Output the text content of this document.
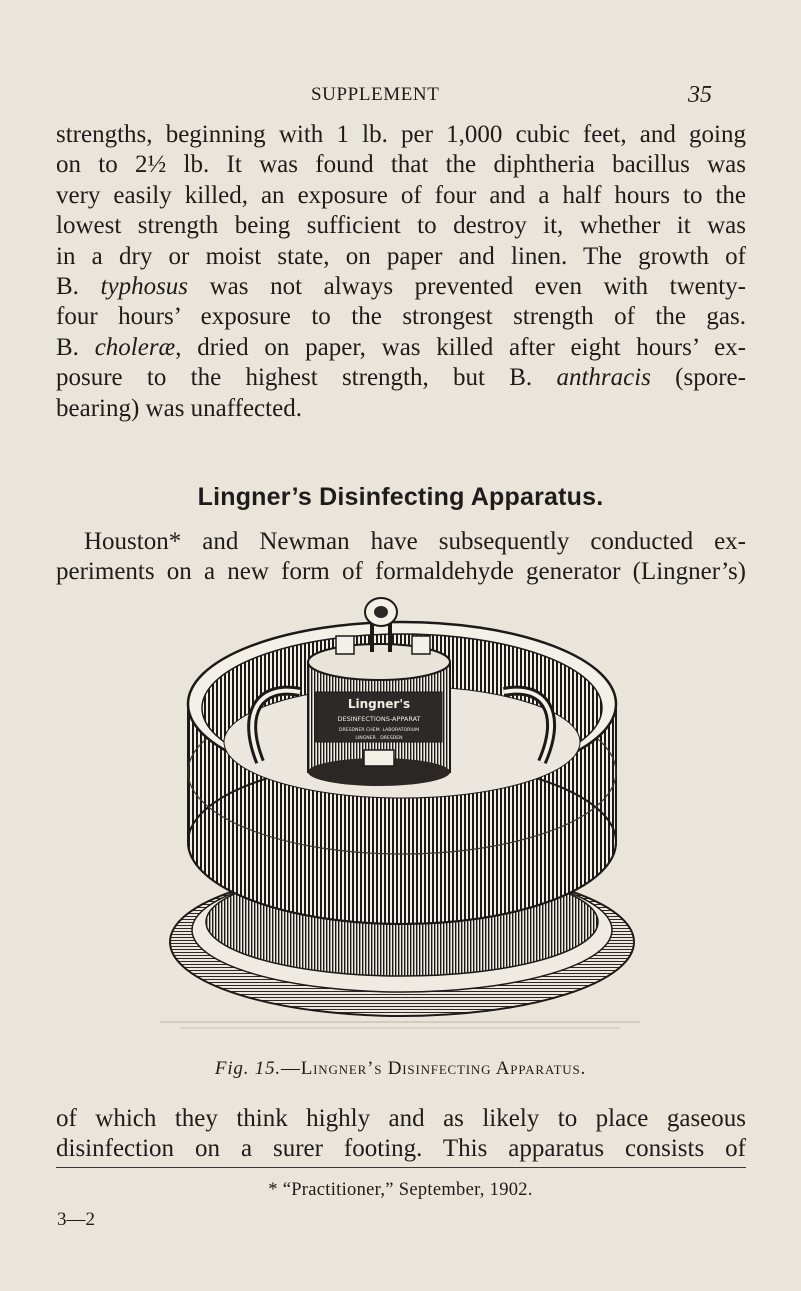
SUPPLEMENT	35
strengths, beginning with 1 lb. per 1,000 cubic feet, and going
on to 2½ lb. It was found that the diphtheria bacillus was
very easily killed, an exposure of four and a half hours to the
lowest strength being sufficient to destroy it, whether it was
in a dry or moist state, on paper and linen. The growth of
B. typhosus was not always prevented even with twenty-
four hours’ exposure to the strongest strength of the gas.
B. choleræ, dried on paper, was killed after eight hours’ ex-
posure to the highest strength, but B. anthracis (spore-
bearing) was unaffected.
Lingner’s Disinfecting Apparatus.
Houston* and Newman have subsequently conducted ex-
periments on a new form of formaldehyde generator (Lingner’s)
Lingner's
DESINFECTIONS-APPARAT
DRESDNER CHEM. LABORATORIUM
LINGNER . DRESDEN
Fig. 15.—Lingner’s Disinfecting Apparatus.
of which they think highly and as likely to place gaseous
disinfection on a surer footing. This apparatus consists of
* “Practitioner,” September, 1902.
3—2
